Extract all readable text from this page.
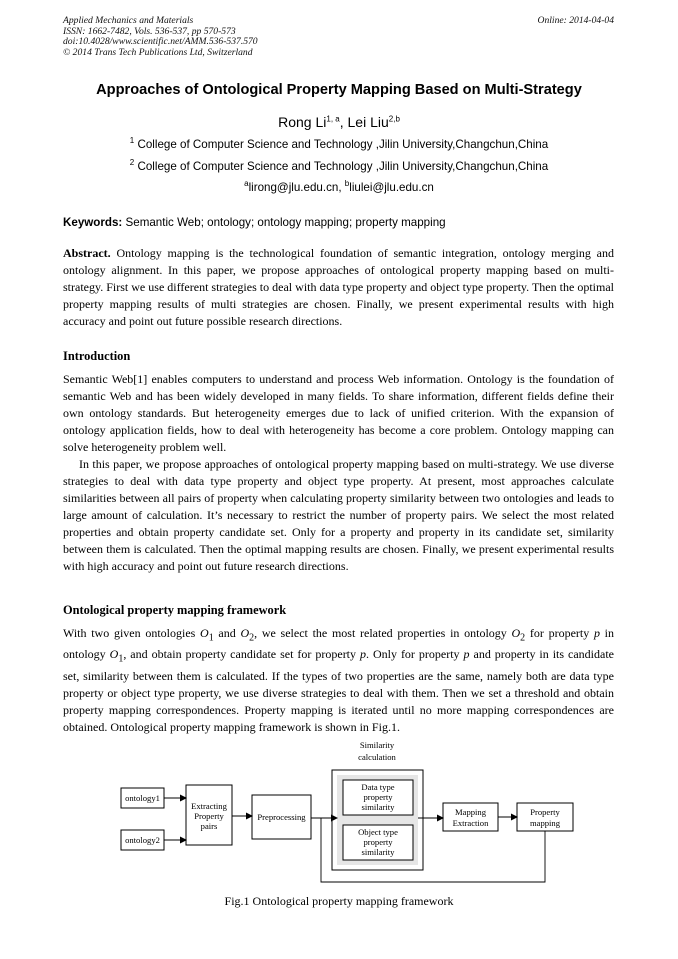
Applied Mechanics and Materials
ISSN: 1662-7482, Vols. 536-537, pp 570-573
doi:10.4028/www.scientific.net/AMM.536-537.570
© 2014 Trans Tech Publications Ltd, Switzerland
Online: 2014-04-04
Approaches of Ontological Property Mapping Based on Multi-Strategy
Rong Li$^{1, a}$, Lei Liu$^{2,b}$
$^1$ College of Computer Science and Technology ,Jilin University,Changchun,China
$^2$ College of Computer Science and Technology ,Jilin University,Changchun,China
$^a$lirong@jlu.edu.cn, $^b$liulei@jlu.edu.cn
Keywords: Semantic Web; ontology; ontology mapping; property mapping
Abstract. Ontology mapping is the technological foundation of semantic integration, ontology merging and ontology alignment. In this paper, we propose approaches of ontological property mapping based on multi-strategy. First we use different strategies to deal with data type property and object type property. Then the optimal property mapping results of multi strategies are chosen. Finally, we present experimental results with high accuracy and point out future possible research directions.
Introduction
Semantic Web[1] enables computers to understand and process Web information. Ontology is the foundation of semantic Web and has been widely developed in many fields. To share information, different fields define their own ontology standards. But heterogeneity emerges due to lack of unified criterion. With the expansion of ontology application fields, how to deal with heterogeneity has become a core problem. Ontology mapping can solve heterogeneity problem well.
In this paper, we propose approaches of ontological property mapping based on multi-strategy. We use diverse strategies to deal with data type property and object type property. At present, most approaches calculate similarities between all pairs of property when calculating property similarity between two ontologies and leads to large amount of calculation. It’s necessary to restrict the number of property pairs. We select the most related properties and obtain property candidate set. Only for a property and property in its candidate set, similarity between them is calculated. Then the optimal mapping results are chosen. Finally, we present experimental results with high accuracy and point out future research directions.
Ontological property mapping framework
With two given ontologies $O_1$ and $O_2$, we select the most related properties in ontology $O_2$ for property p in ontology $O_1$, and obtain property candidate set for property p. Only for property p and property in its candidate set, similarity between them is calculated. If the types of two properties are the same, namely both are data type property or object type property, we use diverse strategies to deal with them. Then we set a threshold and obtain property mapping correspondences. Property mapping is iterated until no more mapping correspondences are obtained. Ontological property mapping framework is shown in Fig.1.
Similarity
calculation
Data type
property
similarity
Object type
property
similarity
ontology1
ontology2
Extracting
Property
pairs
Preprocessing	Mapping
Extraction
Property
mapping
Fig.1 Ontological property mapping framework
